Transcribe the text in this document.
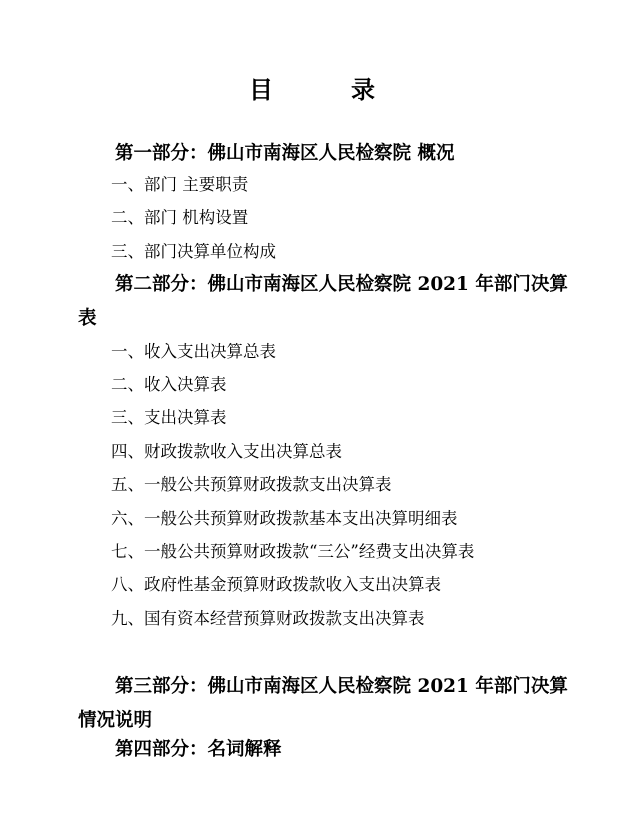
目	录
第一部分：佛山市南海区人民检察院 概况
一、部门 主要职责
二、部门 机构设置
三、部门决算单位构成
第二部分：佛山市南海区人民检察院 2021 年部门决算表
一、收入支出决算总表
二、收入决算表
三、支出决算表
四、财政拨款收入支出决算总表
五、一般公共预算财政拨款支出决算表
六、一般公共预算财政拨款基本支出决算明细表
七、一般公共预算财政拨款“三公”经费支出决算表
八、政府性基金预算财政拨款收入支出决算表
九、国有资本经营预算财政拨款支出决算表
第三部分：佛山市南海区人民检察院 2021 年部门决算情况说明
第四部分：名词解释
